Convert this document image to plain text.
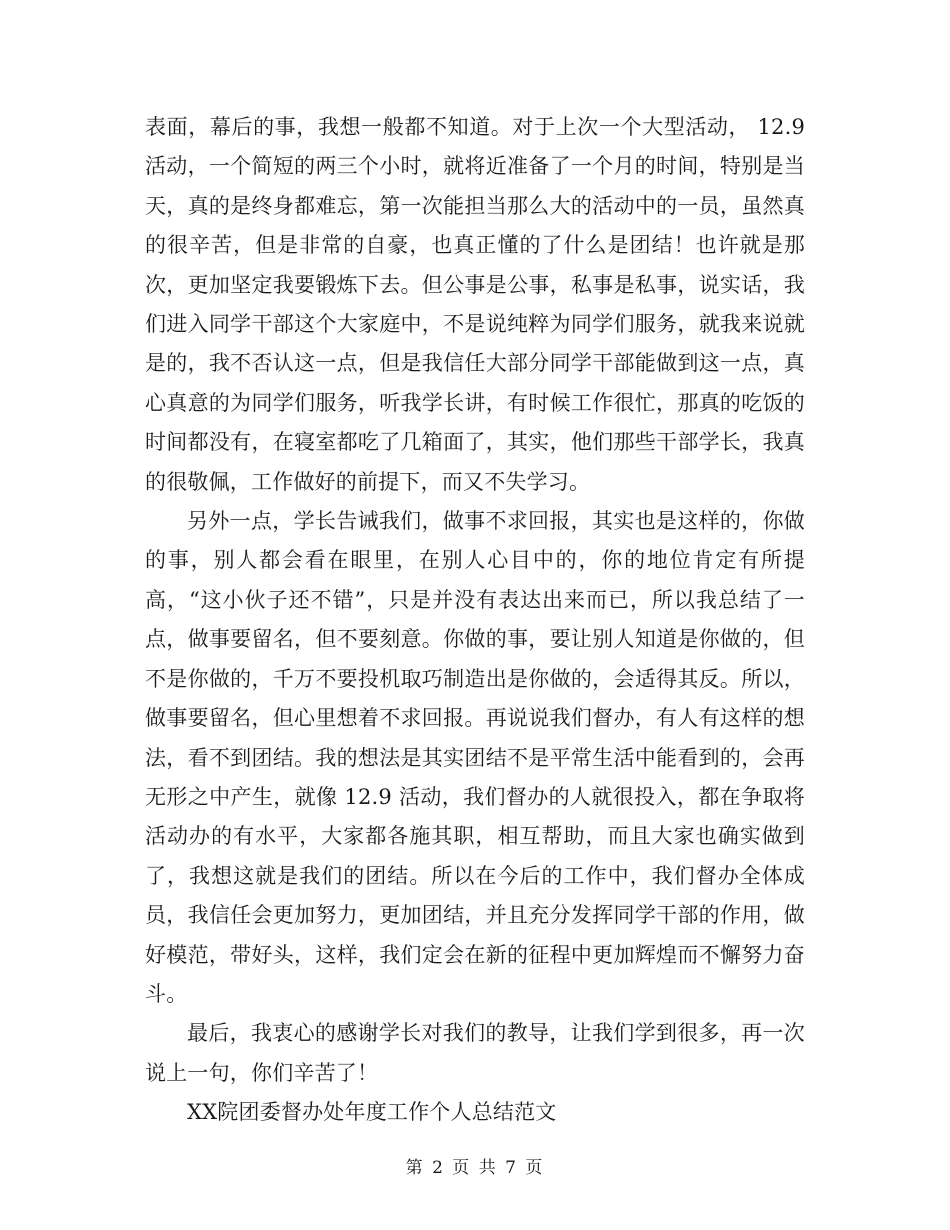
表面，幕后的事，我想一般都不知道。对于上次一个大型活动， 12.9活动，一个简短的两三个小时，就将近准备了一个月的时间，特别是当天，真的是终身都难忘，第一次能担当那么大的活动中的一员，虽然真的很辛苦，但是非常的自豪，也真正懂的了什么是团结！也许就是那次，更加坚定我要锻炼下去。但公事是公事，私事是私事，说实话，我们进入同学干部这个大家庭中，不是说纯粹为同学们服务，就我来说就是的，我不否认这一点，但是我信任大部分同学干部能做到这一点，真心真意的为同学们服务，听我学长讲，有时候工作很忙，那真的吃饭的时间都没有，在寝室都吃了几箱面了，其实，他们那些干部学长，我真的很敬佩，工作做好的前提下，而又不失学习。

另外一点，学长告诫我们，做事不求回报，其实也是这样的，你做的事，别人都会看在眼里，在别人心目中的，你的地位肯定有所提高，“这小伙子还不错”，只是并没有表达出来而已，所以我总结了一点，做事要留名，但不要刻意。你做的事，要让别人知道是你做的，但不是你做的，千万不要投机取巧制造出是你做的，会适得其反。所以，做事要留名，但心里想着不求回报。再说说我们督办，有人有这样的想法，看不到团结。我的想法是其实团结不是平常生活中能看到的，会再无形之中产生，就像 12.9 活动，我们督办的人就很投入，都在争取将活动办的有水平，大家都各施其职，相互帮助，而且大家也确实做到了，我想这就是我们的团结。所以在今后的工作中，我们督办全体成员，我信任会更加努力，更加团结，并且充分发挥同学干部的作用，做好模范，带好头，这样，我们定会在新的征程中更加辉煌而不懈努力奋斗。

最后，我衷心的感谢学长对我们的教导，让我们学到很多，再一次说上一句，你们辛苦了！

XX院团委督办处年度工作个人总结范文

第 2 页 共 7 页
